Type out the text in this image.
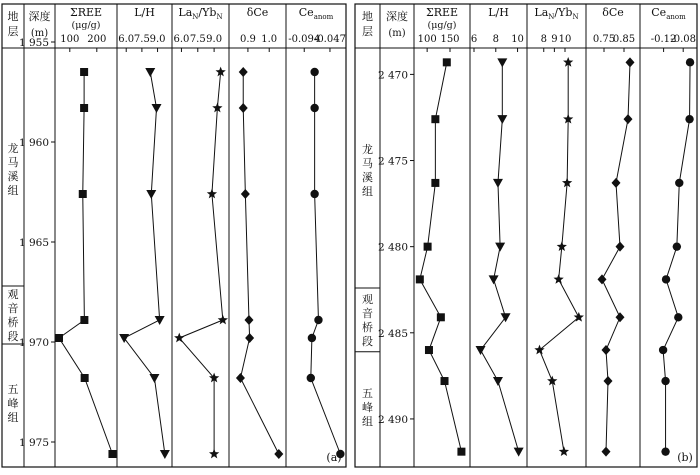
地
层
龙
马
溪
组
观
音
桥
段
五
峰
组
深度
(m)
1 955
1 960
1 965
1 970
1 975
ΣREE
(μg/g)
100 200
L/H
6.0 7.5 9.0
$La_N/Yb_N$
6.0 7.5 9.0
δCe
0.9 1.0
$Ce_{anom}$
-0.094
-0.047
(a)
地
层
龙
马
溪
组
观
音
桥
段
五
峰
组
深度
(m)
2 470
2 475
2 480
2 485
2 490
ΣREE
(μg/g)
100 150
L/H
6 8 10
$La_N/Yb_N$
8 9 10
δCe
0.75
0.85
$Ce_{anom}$
-0.12
-0.08
(b)
